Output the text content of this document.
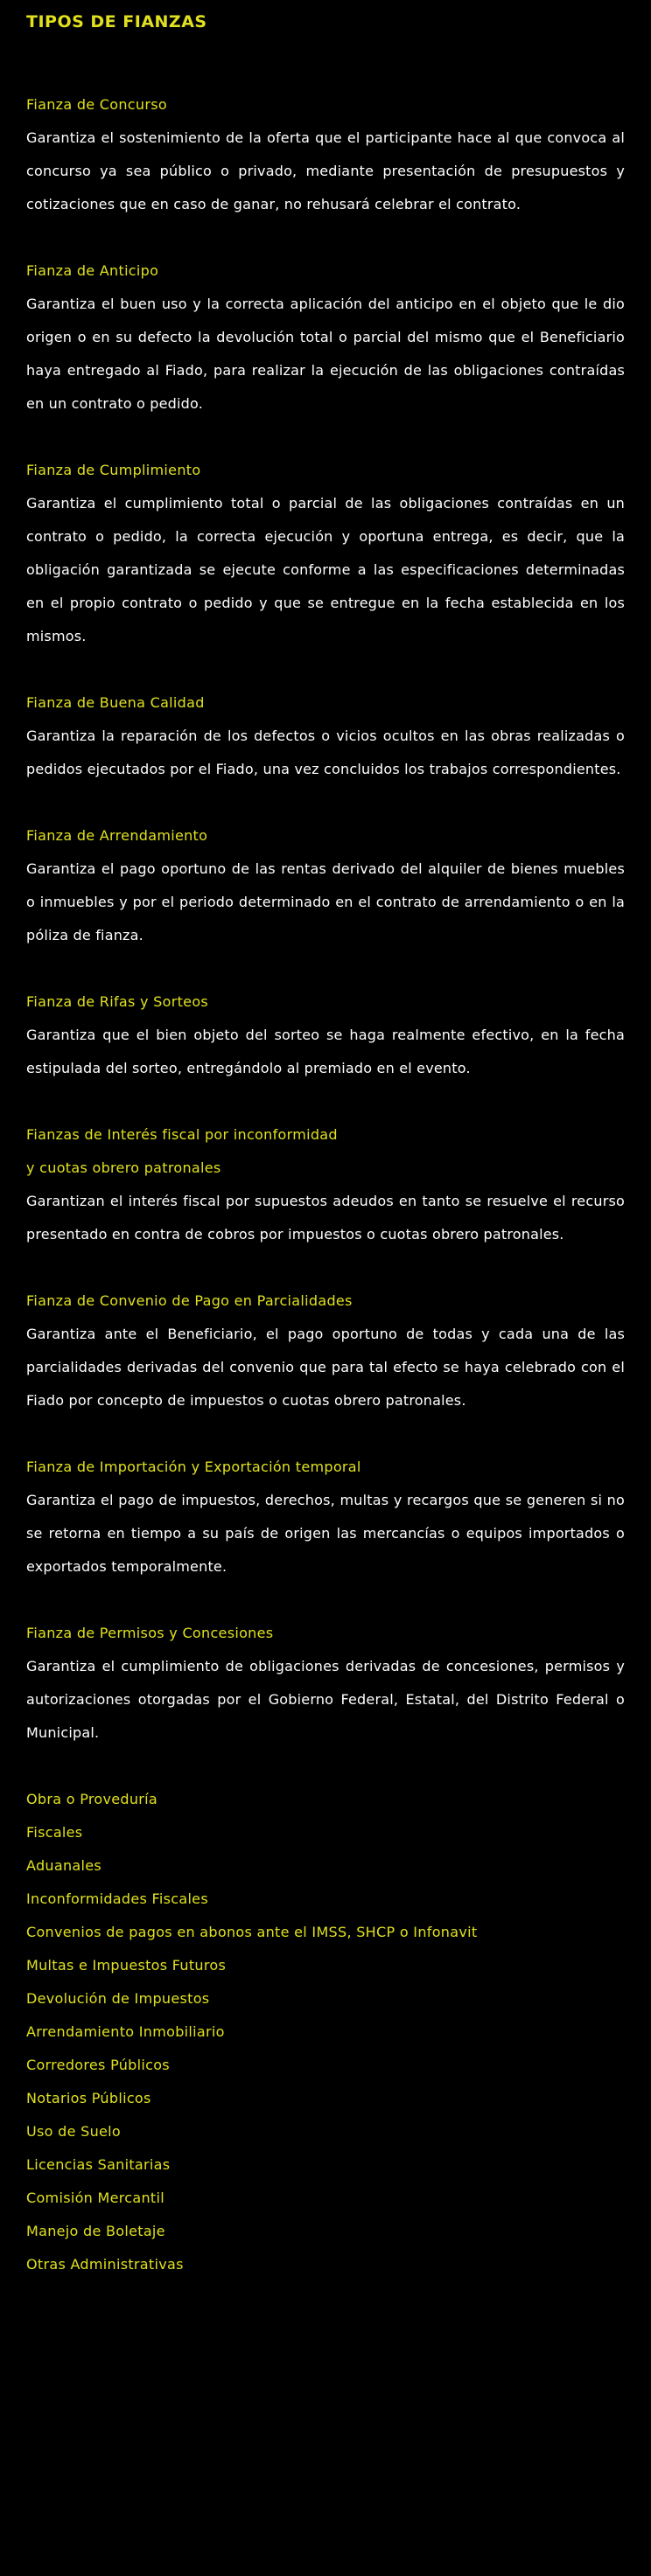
TIPOS DE FIANZAS
Fianza de Concurso

Garantiza el sostenimiento de la oferta que el participante hace al que convoca al concurso ya sea público o privado, mediante presentación de presupuestos y cotizaciones que en caso de ganar, no rehusará celebrar el contrato.

Fianza de Anticipo

Garantiza el buen uso y la correcta aplicación del anticipo en el objeto que le dio origen o en su defecto la devolución total o parcial del mismo que el Beneficiario haya entregado al Fiado, para realizar la ejecución de las obligaciones contraídas en un contrato o pedido.

Fianza de Cumplimiento

Garantiza el cumplimiento total o parcial de las obligaciones contraídas en un contrato o pedido, la correcta ejecución y oportuna entrega, es decir, que la obligación garantizada se ejecute conforme a las especificaciones determinadas en el propio contrato o pedido y que se entregue en la fecha establecida en los mismos.

Fianza de Buena Calidad

Garantiza la reparación de los defectos o vicios ocultos en las obras realizadas o pedidos ejecutados por el Fiado, una vez concluidos los trabajos correspondientes.

Fianza de Arrendamiento

Garantiza el pago oportuno de las rentas derivado del alquiler de bienes muebles o inmuebles y por el periodo determinado en el contrato de arrendamiento o en la póliza de fianza.

Fianza de Rifas y Sorteos

Garantiza que el bien objeto del sorteo se haga realmente efectivo, en la fecha estipulada del sorteo, entregándolo al premiado en el evento.

Fianzas de Interés fiscal por inconformidad
y cuotas obrero patronales

Garantizan el interés fiscal por supuestos adeudos en tanto se resuelve el recurso presentado en contra de cobros por impuestos o cuotas obrero patronales.

Fianza de Convenio de Pago en Parcialidades

Garantiza ante el Beneficiario, el pago oportuno de todas y cada una de las parcialidades derivadas del convenio que para tal efecto se haya celebrado con el Fiado por concepto de impuestos o cuotas obrero patronales.

Fianza de Importación y Exportación temporal

Garantiza el pago de impuestos, derechos, multas y recargos que se generen si no se retorna en tiempo a su país de origen las mercancías o equipos importados o exportados temporalmente.

Fianza de Permisos y Concesiones

Garantiza el cumplimiento de obligaciones derivadas de concesiones, permisos y autorizaciones otorgadas por el Gobierno Federal, Estatal, del Distrito Federal o Municipal.

Obra o Proveduría
Fiscales
Aduanales
Inconformidades Fiscales
Convenios de pagos en abonos ante el IMSS, SHCP o Infonavit
Multas e Impuestos Futuros
Devolución de Impuestos
Arrendamiento Inmobiliario
Corredores Públicos
Notarios Públicos
Uso de Suelo
Licencias Sanitarias
Comisión Mercantil
Manejo de Boletaje
Otras Administrativas
